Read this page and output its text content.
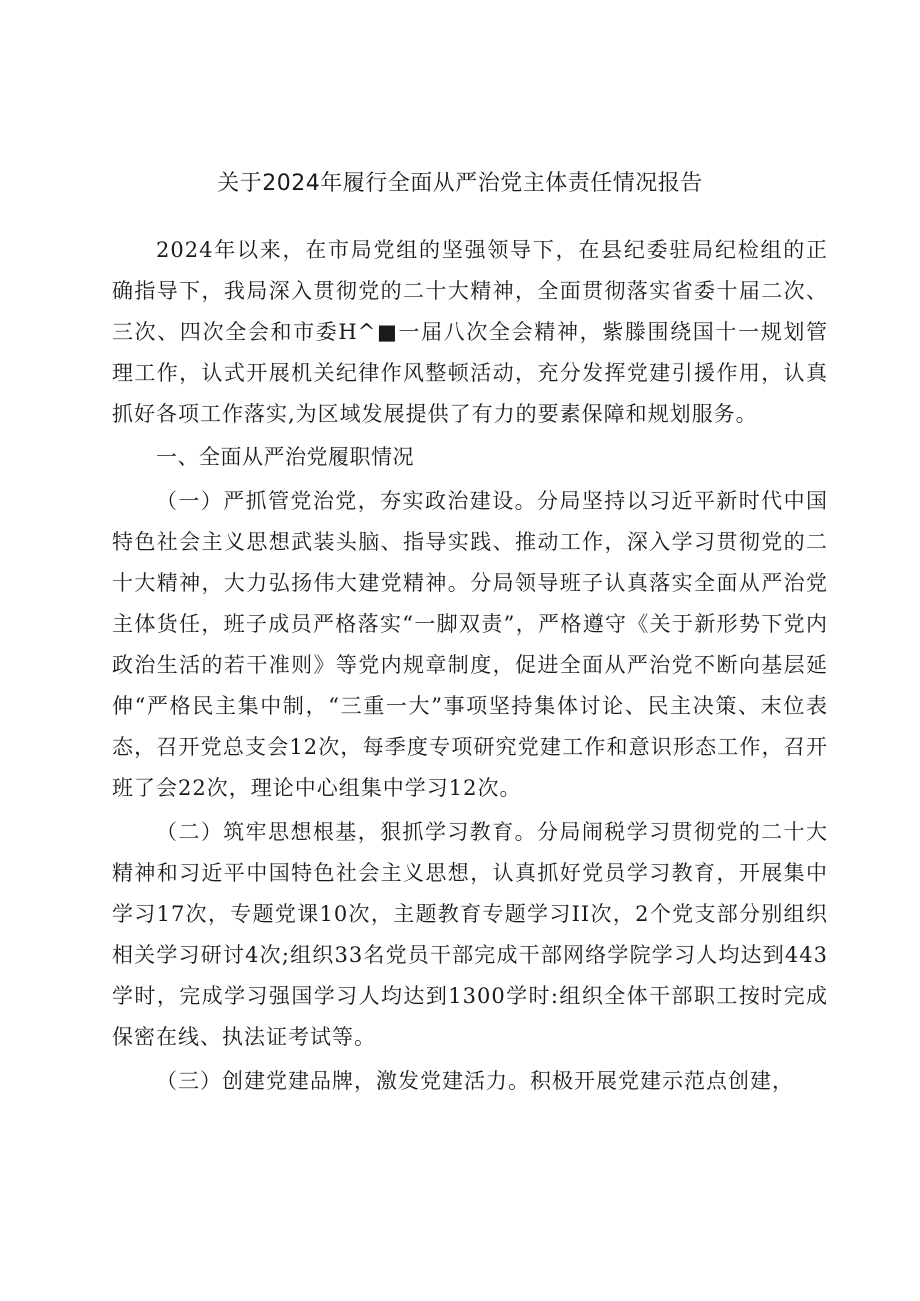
关于2024年履行全面从严治党主体责任情况报告

2024年以来，在市局党组的坚强领导下，在县纪委驻局纪检组的正确指导下，我局深入贯彻党的二十大精神，全面贯彻落实省委十届二次、三次、四次全会和市委H^■一届八次全会精神，紫滕围绕国十一规划管理工作，认式开展机关纪律作风整顿活动，充分发挥党建引援作用，认真抓好各项工作落实,为区域发展提供了有力的要素保障和规划服务。

一、全面从严治党履职情况

（一）严抓管党治党，夯实政治建设。分局坚持以习近平新时代中国特色社会主义思想武装头脑、指导实践、推动工作，深入学习贯彻党的二十大精神，大力弘扬伟大建党精神。分局领导班子认真落实全面从严治党主体货任，班子成员严格落实“一脚双责”，严格遵守《关于新形势下党内政治生活的若干准则》等党内规章制度，促进全面从严治党不断向基层延伸“严格民主集中制，“三重一大”事项坚持集体讨论、民主决策、末位表态，召开党总支会12次，每季度专项研究党建工作和意识形态工作，召开班了会22次，理论中心组集中学习12次。

（二）筑牢思想根基，狠抓学习教育。分局闹税学习贯彻党的二十大精神和习近平中国特色社会主义思想，认真抓好党员学习教育，开展集中学习17次，专题党课10次，主题教育专题学习II次，2个党支部分别组织相关学习研讨4次;组织33名党员干部完成干部网络学院学习人均达到443学时，完成学习强国学习人均达到1300学时:组织全体干部职工按时完成保密在线、执法证考试等。

（三）创建党建品牌，激发党建活力。积极开展党建示范点创建，
